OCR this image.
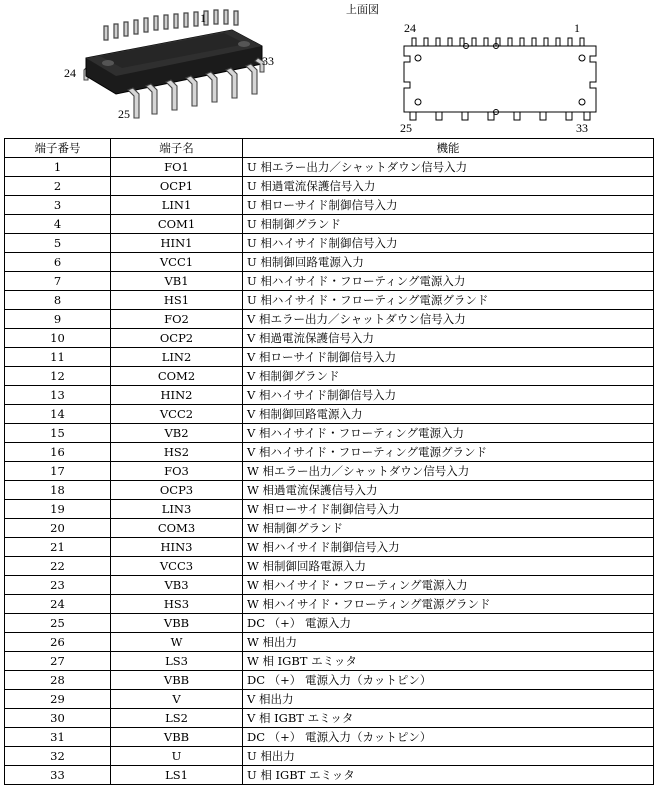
1
24
33
25
上面図
24	1
25	33
端子番号	端子名	機能
1	FO1	U 相エラー出力／シャットダウン信号入力
2	OCP1	U 相過電流保護信号入力
3	LIN1	U 相ローサイド制御信号入力
4	COM1	U 相制御グランド
5	HIN1	U 相ハイサイド制御信号入力
6	VCC1	U 相制御回路電源入力
7	VB1	U 相ハイサイド・フローティング電源入力
8	HS1	U 相ハイサイド・フローティング電源グランド
9	FO2	V 相エラー出力／シャットダウン信号入力
10	OCP2	V 相過電流保護信号入力
11	LIN2	V 相ローサイド制御信号入力
12	COM2	V 相制御グランド
13	HIN2	V 相ハイサイド制御信号入力
14	VCC2	V 相制御回路電源入力
15	VB2	V 相ハイサイド・フローティング電源入力
16	HS2	V 相ハイサイド・フローティング電源グランド
17	FO3	W 相エラー出力／シャットダウン信号入力
18	OCP3	W 相過電流保護信号入力
19	LIN3	W 相ローサイド制御信号入力
20	COM3	W 相制御グランド
21	HIN3	W 相ハイサイド制御信号入力
22	VCC3	W 相制御回路電源入力
23	VB3	W 相ハイサイド・フローティング電源入力
24	HS3	W 相ハイサイド・フローティング電源グランド
25	VBB	DC （+） 電源入力
26	W	W 相出力
27	LS3	W 相 IGBT エミッタ
28	VBB	DC （+） 電源入力（カットピン）
29	V	V 相出力
30	LS2	V 相 IGBT エミッタ
31	VBB	DC （+） 電源入力（カットピン）
32	U	U 相出力
33	LS1	U 相 IGBT エミッタ
